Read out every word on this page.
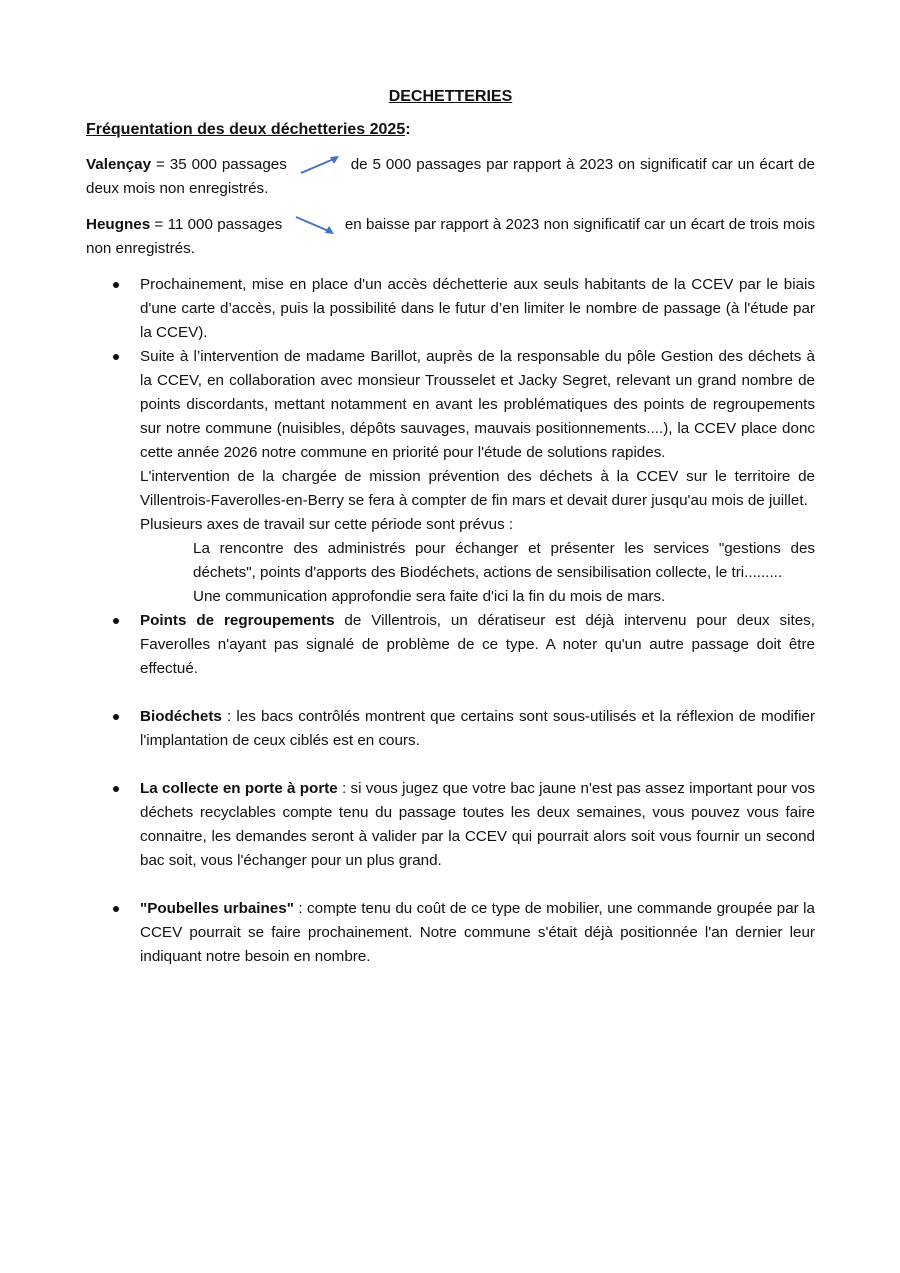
DECHETTERIES
Fréquentation des deux déchetteries 2025:
Valençay = 35 000 passages	de 5 000 passages par rapport à 2023 on significatif car un écart de deux mois non enregistrés.
Heugnes = 11 000 passages	en baisse par rapport à 2023 non significatif car un écart de trois mois non enregistrés.
Prochainement, mise en place d'un accès déchetterie aux seuls habitants de la CCEV par le biais d'une carte d’accès, puis la possibilité dans le futur d’en limiter le nombre de passage (à l'étude par la CCEV).
Suite à l’intervention de madame Barillot, auprès de la responsable du pôle Gestion des déchets à la CCEV, en collaboration avec monsieur Trousselet et Jacky Segret, relevant un grand nombre de points discordants, mettant notamment en avant les problématiques des points de regroupements sur notre commune (nuisibles, dépôts sauvages, mauvais positionnements....), la CCEV place donc cette année 2026 notre commune en priorité pour l'étude de solutions rapides.
L'intervention de la chargée de mission prévention des déchets à la CCEV sur le territoire de Villentrois-Faverolles-en-Berry se fera à compter de fin mars et devait durer jusqu'au mois de juillet.
Plusieurs axes de travail sur cette période sont prévus :
La rencontre des administrés pour échanger et présenter les services "gestions des déchets", points d'apports des Biodéchets, actions de sensibilisation collecte, le tri.........
Une communication approfondie sera faite d'ici la fin du mois de mars.
Points de regroupements de Villentrois, un dératiseur est déjà intervenu pour deux sites, Faverolles n'ayant pas signalé de problème de ce type. A noter qu'un autre passage doit être effectué.
Biodéchets : les bacs contrôlés montrent que certains sont sous-utilisés et la réflexion de modifier l'implantation de ceux ciblés est en cours.
La collecte en porte à porte : si vous jugez que votre bac jaune n'est pas assez important pour vos déchets recyclables compte tenu du passage toutes les deux semaines, vous pouvez vous faire connaitre, les demandes seront à valider par la CCEV qui pourrait alors soit vous fournir un second bac soit, vous l'échanger pour un plus grand.
"Poubelles urbaines" : compte tenu du coût de ce type de mobilier, une commande groupée par la CCEV pourrait se faire prochainement. Notre commune s'était déjà positionnée l'an dernier leur indiquant notre besoin en nombre.
